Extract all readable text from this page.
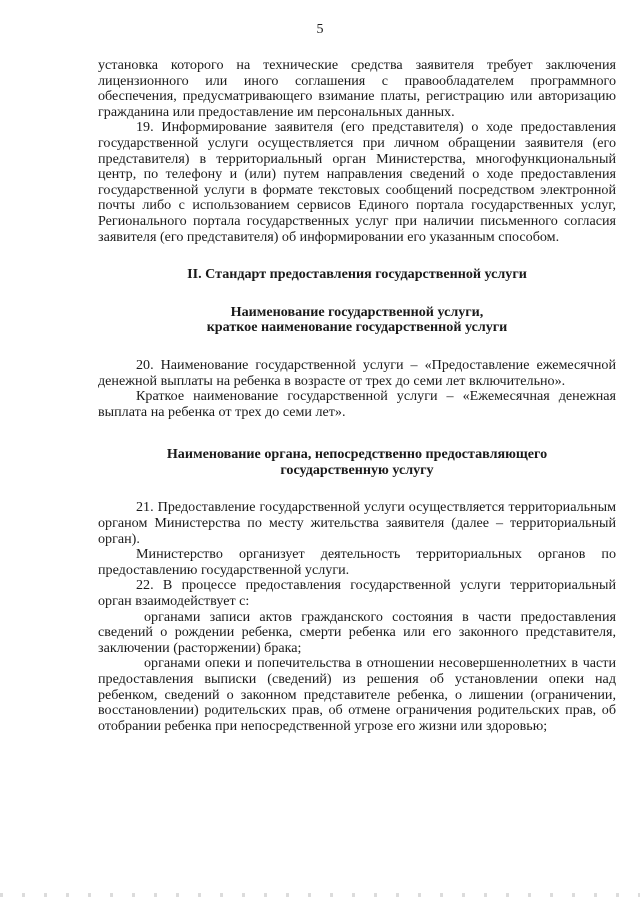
5

установка которого на технические средства заявителя требует заключения лицензионного или иного соглашения с правообладателем программного обеспечения, предусматривающего взимание платы, регистрацию или авторизацию гражданина или предоставление им персональных данных.

19. Информирование заявителя (его представителя) о ходе предоставления государственной услуги осуществляется при личном обращении заявителя (его представителя) в территориальный орган Министерства, многофункциональный центр, по телефону и (или) путем направления сведений о ходе предоставления государственной услуги в формате текстовых сообщений посредством электронной почты либо с использованием сервисов Единого портала государственных услуг, Регионального портала государственных услуг при наличии письменного согласия заявителя (его представителя) об информировании его указанным способом.

II. Стандарт предоставления государственной услуги

Наименование государственной услуги,

краткое наименование государственной услуги

20. Наименование государственной услуги – «Предоставление ежемесячной денежной выплаты на ребенка в возрасте от трех до семи лет включительно».

Краткое наименование государственной услуги – «Ежемесячная денежная выплата на ребенка от трех до семи лет».

Наименование органа, непосредственно предоставляющего

государственную услугу

21. Предоставление государственной услуги осуществляется территориальным органом Министерства по месту жительства заявителя (далее – территориальный орган).

Министерство организует деятельность территориальных органов по предоставлению государственной услуги.

22. В процессе предоставления государственной услуги территориальный орган взаимодействует с:

органами записи актов гражданского состояния в части предоставления сведений о рождении ребенка, смерти ребенка или его законного представителя, заключении (расторжении) брака;

органами опеки и попечительства в отношении несовершеннолетних в части предоставления выписки (сведений) из решения об установлении опеки над ребенком, сведений о законном представителе ребенка, о лишении (ограничении, восстановлении) родительских прав, об отмене ограничения родительских прав, об отобрании ребенка при непосредственной угрозе его жизни или здоровью;
